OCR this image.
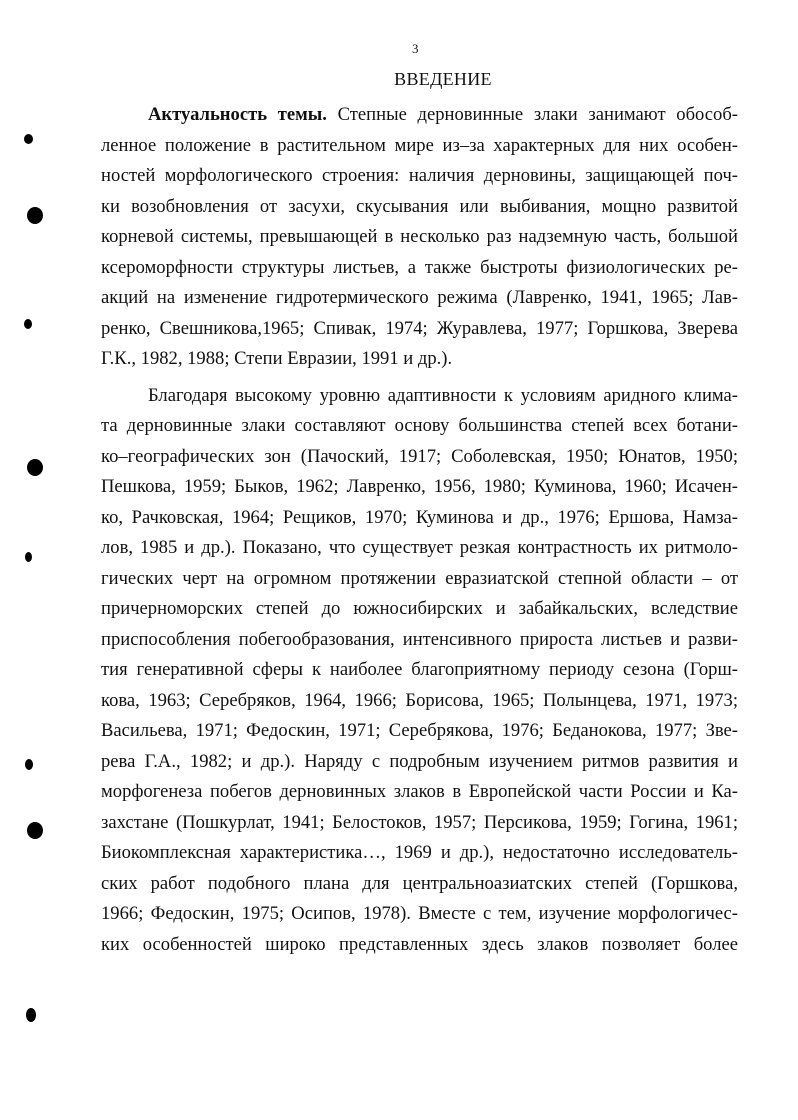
3
ВВЕДЕНИЕ
Актуальность темы. Степные дерновинные злаки занимают обособ-
ленное положение в растительном мире из–за характерных для них особен-
ностей морфологического строения: наличия дерновины, защищающей поч-
ки возобновления от засухи, скусывания или выбивания, мощно развитой
корневой системы, превышающей в несколько раз надземную часть, большой
ксероморфности структуры листьев, а также быстроты физиологических ре-
акций на изменение гидротермического режима (Лавренко, 1941, 1965; Лав-
ренко, Свешникова,1965; Спивак, 1974; Журавлева, 1977; Горшкова, Зверева
Г.К., 1982, 1988; Степи Евразии, 1991 и др.).
Благодаря высокому уровню адаптивности к условиям аридного клима-
та дерновинные злаки составляют основу большинства степей всех ботани-
ко–географических зон (Пачоский, 1917; Соболевская, 1950; Юнатов, 1950;
Пешкова, 1959; Быков, 1962; Лавренко, 1956, 1980; Куминова, 1960; Исачен-
ко, Рачковская, 1964; Рещиков, 1970; Куминова и др., 1976; Ершова, Намза-
лов, 1985 и др.). Показано, что существует резкая контрастность их ритмоло-
гических черт на огромном протяжении евразиатской степной области – от
причерноморских степей до южносибирских и забайкальских, вследствие
приспособления побегообразования, интенсивного прироста листьев и разви-
тия генеративной сферы к наиболее благоприятному периоду сезона (Горш-
кова, 1963; Серебряков, 1964, 1966; Борисова, 1965; Полынцева, 1971, 1973;
Васильева, 1971; Федоскин, 1971; Серебрякова, 1976; Беданокова, 1977; Зве-
рева Г.А., 1982; и др.). Наряду с подробным изучением ритмов развития и
морфогенеза побегов дерновинных злаков в Европейской части России и Ка-
захстане (Пошкурлат, 1941; Белостоков, 1957; Персикова, 1959; Гогина, 1961;
Биокомплексная характеристика…, 1969 и др.), недостаточно исследователь-
ских работ подобного плана для центральноазиатских степей (Горшкова,
1966; Федоскин, 1975; Осипов, 1978). Вместе с тем, изучение морфологичес-
ких особенностей широко представленных здесь злаков позволяет более
